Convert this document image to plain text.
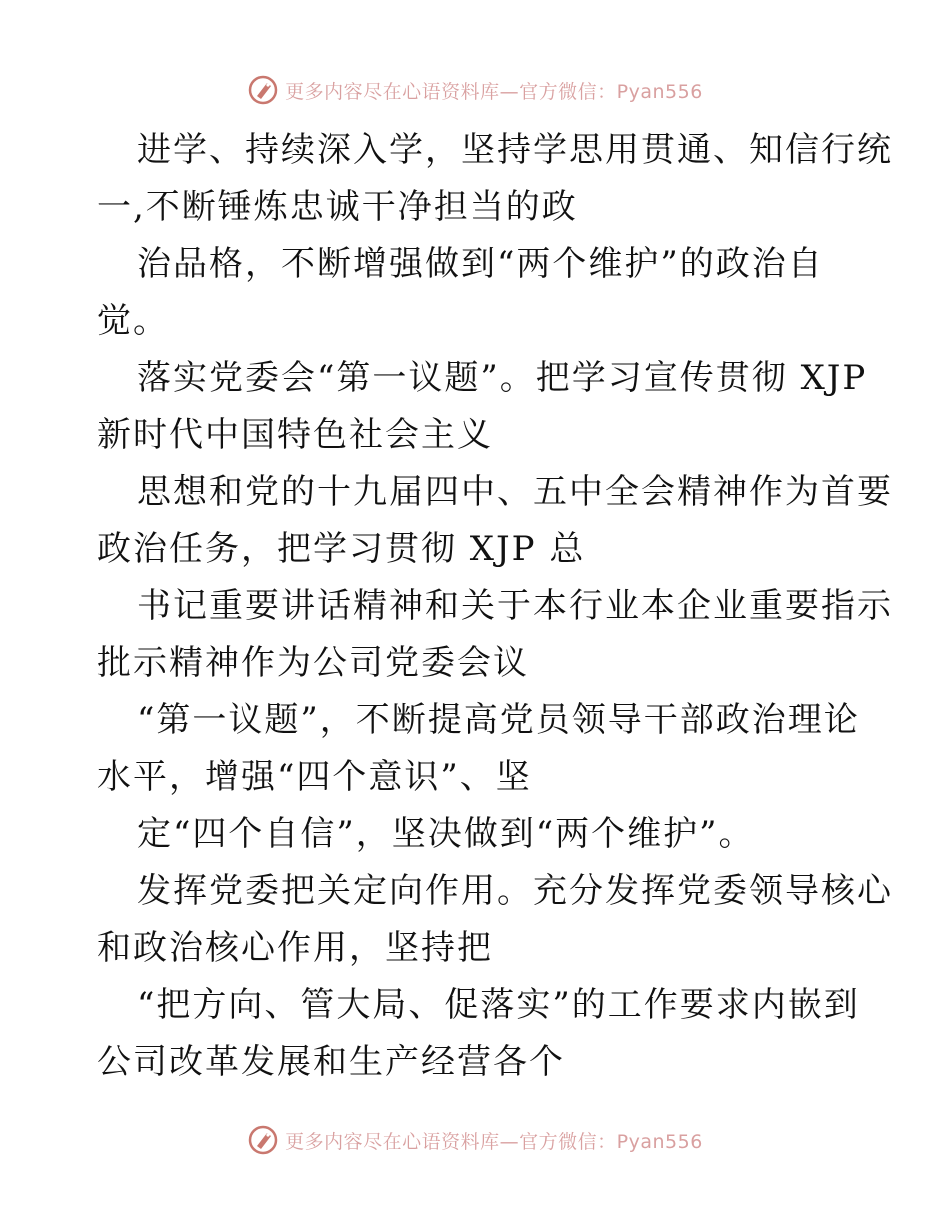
更多内容尽在心语资料库—官方微信：Pyan556
进学、持续深入学，坚持学思用贯通、知信行统
一,不断锤炼忠诚干净担当的政
治品格，不断增强做到“两个维护”的政治自
觉。
落实党委会“第一议题”。把学习宣传贯彻 XJP
新时代中国特色社会主义
思想和党的十九届四中、五中全会精神作为首要
政治任务，把学习贯彻 XJP 总
书记重要讲话精神和关于本行业本企业重要指示
批示精神作为公司党委会议
“第一议题”，不断提高党员领导干部政治理论
水平，增强“四个意识”、坚
定“四个自信”，坚决做到“两个维护”。
发挥党委把关定向作用。充分发挥党委领导核心
和政治核心作用，坚持把
“把方向、管大局、促落实”的工作要求内嵌到
公司改革发展和生产经营各个
更多内容尽在心语资料库—官方微信：Pyan556
